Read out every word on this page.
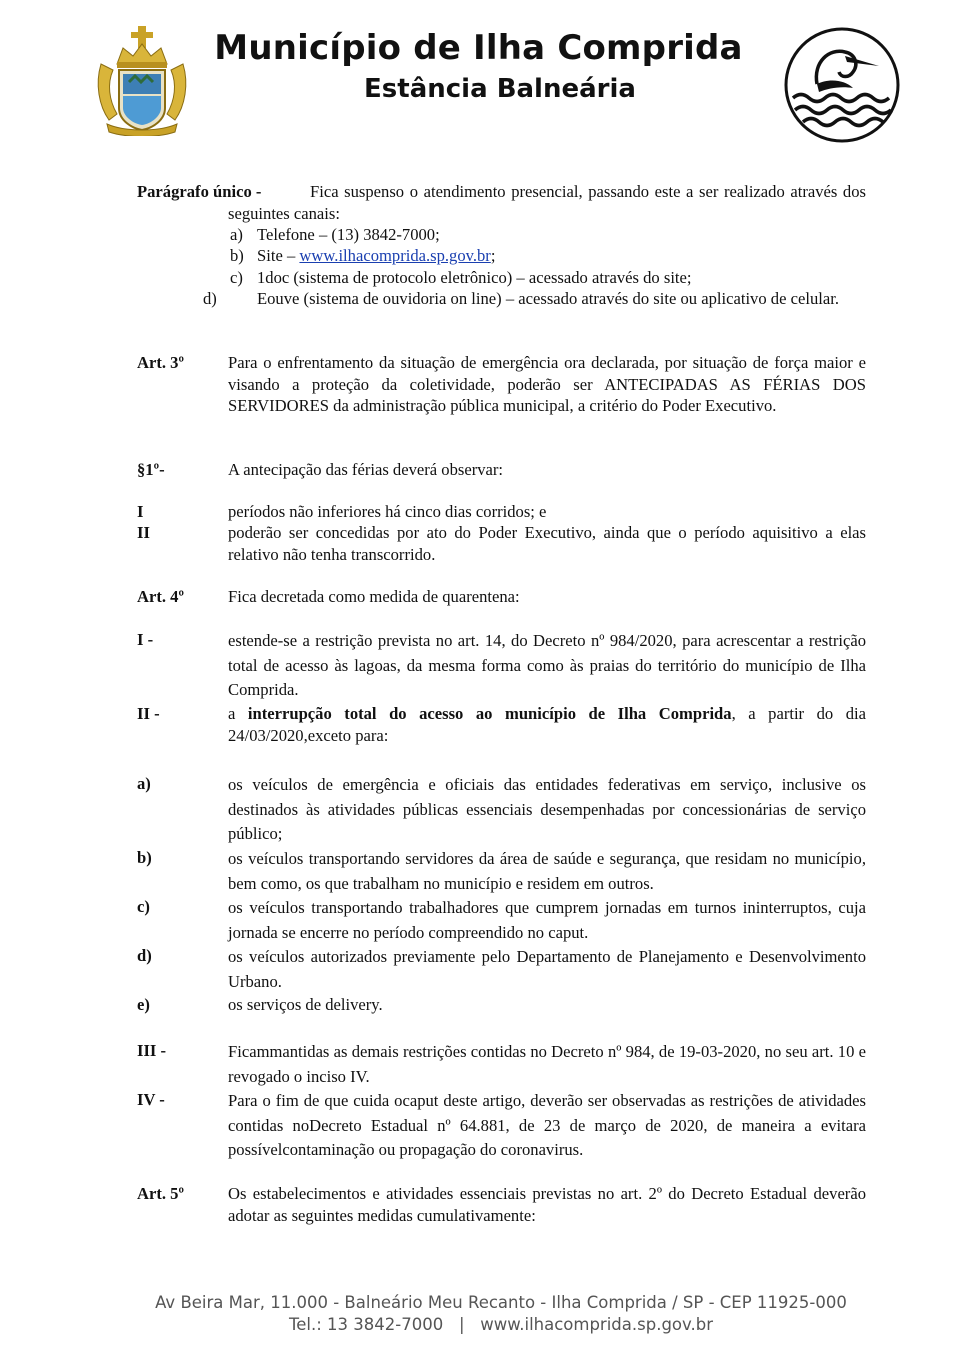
Município de Ilha Comprida
Estância Balneária
Parágrafo único -	Fica suspenso o atendimento presencial, passando este a ser realizado através dos seguintes canais:
a) Telefone – (13) 3842-7000;
b) Site – www.ilhacomprida.sp.gov.br;
c) 1doc (sistema de protocolo eletrônico) – acessado através do site;
d) Eouve (sistema de ouvidoria on line) – acessado através do site ou aplicativo de celular.
Art. 3º	Para o enfrentamento da situação de emergência ora declarada, por situação de força maior e visando a proteção da coletividade, poderão ser ANTECIPADAS AS FÉRIAS DOS SERVIDORES da administração pública municipal, a critério do Poder Executivo.
§1º-	A antecipação das férias deverá observar:
I	períodos não inferiores há cinco dias corridos; e
II	poderão ser concedidas por ato do Poder Executivo, ainda que o período aquisitivo a elas relativo não tenha transcorrido.
Art. 4º	Fica decretada como medida de quarentena:
I -	estende-se a restrição prevista no art. 14, do Decreto nº 984/2020, para acrescentar a restrição total de acesso às lagoas, da mesma forma como às praias do território do município de Ilha Comprida.
II -	a interrupção total do acesso ao município de Ilha Comprida, a partir do dia 24/03/2020,exceto para:
a)	os veículos de emergência e oficiais das entidades federativas em serviço, inclusive os destinados às atividades públicas essenciais desempenhadas por concessionárias de serviço público;
b)	os veículos transportando servidores da área de saúde e segurança, que residam no município, bem como, os que trabalham no município e residem em outros.
c)	os veículos transportando trabalhadores que cumprem jornadas em turnos ininterruptos, cuja jornada se encerre no período compreendido no caput.
d)	os veículos autorizados previamente pelo Departamento de Planejamento e Desenvolvimento Urbano.
e)	os serviços de delivery.
III -	Ficammantidas as demais restrições contidas no Decreto nº 984, de 19-03-2020, no seu art. 10 e revogado o inciso IV.
IV -	Para o fim de que cuida ocaput deste artigo, deverão ser observadas as restrições de atividades contidas noDecreto Estadual nº 64.881, de 23 de março de 2020, de maneira a evitara possívelcontaminação ou propagação do coronavirus.
Art. 5º	Os estabelecimentos e atividades essenciais previstas no art. 2º do Decreto Estadual deverão adotar as seguintes medidas cumulativamente:
Av Beira Mar, 11.000 - Balneário Meu Recanto - Ilha Comprida / SP - CEP 11925-000
Tel.: 13 3842-7000   |   www.ilhacomprida.sp.gov.br
